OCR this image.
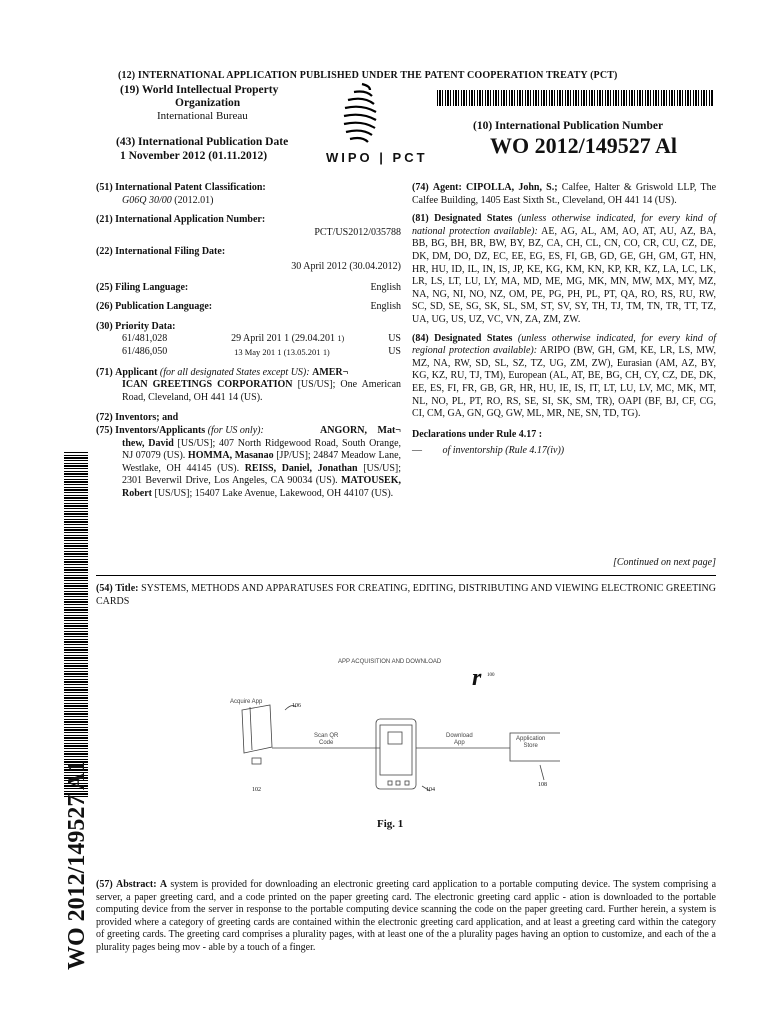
(12) INTERNATIONAL APPLICATION PUBLISHED UNDER THE PATENT COOPERATION TREATY (PCT)
(19) World Intellectual Property
Organization
International Bureau
(43) International Publication Date
1 November 2012 (01.11.2012)	WIPO | PCT
(10) International Publication Number
WO 2012/149527 Al
(51) International Patent Classification:
G06Q 30/00 (2012.01)
(21) International Application Number:
PCT/US2012/035788
(22) International Filing Date:
30 April 2012 (30.04.2012)
(25) Filing Language:	English
(26) Publication Language:	English
(30) Priority Data:
61/481,028	29 April 201 1 (29.04.201 1)	US
61/486,050	13 May 201 1 (13.05.201 1)	US
(71) Applicant (for all designated States except US): AMER¬
ICAN GREETINGS CORPORATION [US/US]; One American Road, Cleveland, OH 441 14 (US).
(72) Inventors; and
(75) Inventors/Applicants (for US only):	ANGORN, Mat¬ thew, David [US/US]; 407 North Ridgewood Road, South Orange, NJ 07079 (US). HOMMA, Masanao [JP/US]; 24847 Meadow Lane, Westlake, OH 44145 (US). REISS, Daniel, Jonathan [US/US]; 2301 Beverwil Drive, Los Angeles, CA 90034 (US). MATOUSEK, Robert [US/US]; 15407 Lake Avenue, Lakewood, OH 44107 (US).
(74) Agent: CIPOLLA, John, S.; Calfee, Halter & Griswold LLP, The Calfee Building, 1405 East Sixth St., Cleveland, OH 441 14 (US).
(81) Designated States (unless otherwise indicated, for every kind of national protection available): AE, AG, AL, AM, AO, AT, AU, AZ, BA, BB, BG, BH, BR, BW, BY, BZ, CA, CH, CL, CN, CO, CR, CU, CZ, DE, DK, DM, DO, DZ, EC, EE, EG, ES, FI, GB, GD, GE, GH, GM, GT, HN, HR, HU, ID, IL, IN, IS, JP, KE, KG, KM, KN, KP, KR, KZ, LA, LC, LK, LR, LS, LT, LU, LY, MA, MD, ME, MG, MK, MN, MW, MX, MY, MZ, NA, NG, NI, NO, NZ, OM, PE, PG, PH, PL, PT, QA, RO, RS, RU, RW, SC, SD, SE, SG, SK, SL, SM, ST, SV, SY, TH, TJ, TM, TN, TR, TT, TZ, UA, UG, US, UZ, VC, VN, ZA, ZM, ZW.
(84) Designated States (unless otherwise indicated, for every kind of regional protection available): ARIPO (BW, GH, GM, KE, LR, LS, MW, MZ, NA, RW, SD, SL, SZ, TZ, UG, ZM, ZW), Eurasian (AM, AZ, BY, KG, KZ, RU, TJ, TM), European (AL, AT, BE, BG, CH, CY, CZ, DE, DK, EE, ES, FI, FR, GB, GR, HR, HU, IE, IS, IT, LT, LU, LV, MC, MK, MT, NL, NO, PL, PT, RO, RS, SE, SI, SK, SM, TR), OAPI (BF, BJ, CF, CG, CI, CM, GA, GN, GQ, GW, ML, MR, NE, SN, TD, TG).
Declarations under Rule 4.17 :
— of inventorship (Rule 4.17(iv))
[Continued on next page]
(54) Title: SYSTEMS, METHODS AND APPARATUSES FOR CREATING, EDITING, DISTRIBUTING AND VIEWING ELECTRONIC GREETING CARDS
APP ACQUISITION AND DOWNLOAD
r 100
Acquire App
106
Scan QR
Code
Download
App
Application
Store
108
102	104
Fig. 1
(57) Abstract: A system is provided for downloading an electronic greeting card application to a portable computing device. The system comprising a server, a paper greeting card, and a code printed on the paper greeting card. The electronic greeting card applic - ation is downloaded to the portable computing device from the server in response to the portable computing device scanning the code on the paper greeting card. Further herein, a system is provided where a category of greeting cards are contained within the electronic greeting card application, and at least a greeting card within the category of greeting cards. The greeting card comprises a plurality pages, with at least one of the a plurality pages having an option to customize, and each of the a plurality pages being mov - able by a touch of a finger.
WO 2012/149527 A1
